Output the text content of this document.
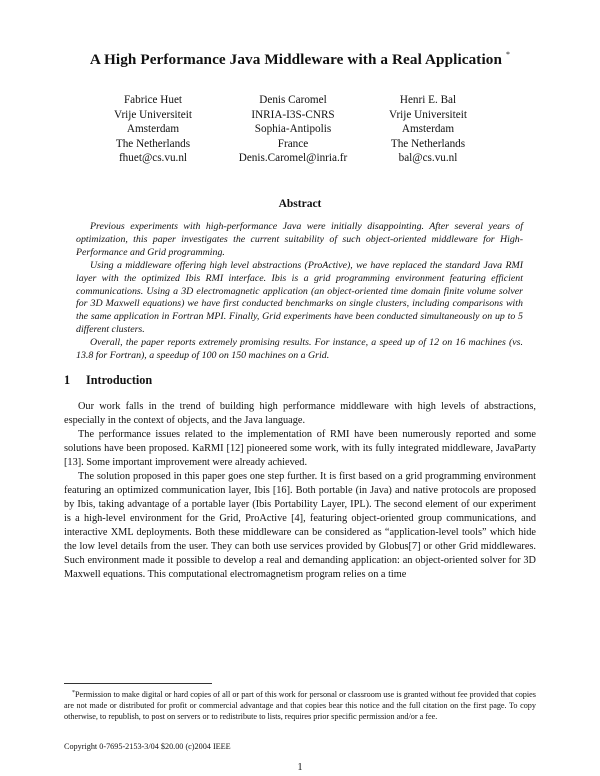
A High Performance Java Middleware with a Real Application *
Fabrice Huet
Vrije Universiteit
Amsterdam
The Netherlands
fhuet@cs.vu.nl
Denis Caromel
INRIA-I3S-CNRS
Sophia-Antipolis
France
Denis.Caromel@inria.fr
Henri E. Bal
Vrije Universiteit
Amsterdam
The Netherlands
bal@cs.vu.nl
Abstract

Previous experiments with high-performance Java were initially disappointing. After several years of optimization, this paper investigates the current suitability of such object-oriented middleware for High-Performance and Grid programming.

Using a middleware offering high level abstractions (ProActive), we have replaced the standard Java RMI layer with the optimized Ibis RMI interface. Ibis is a grid programming environment featuring efficient communications. Using a 3D electromagnetic application (an object-oriented time domain finite volume solver for 3D Maxwell equations) we have first conducted benchmarks on single clusters, including comparisons with the same application in Fortran MPI. Finally, Grid experiments have been conducted simultaneously on up to 5 different clusters.

Overall, the paper reports extremely promising results. For instance, a speed up of 12 on 16 machines (vs. 13.8 for Fortran), a speedup of 100 on 150 machines on a Grid.

1 Introduction

Our work falls in the trend of building high performance middleware with high levels of abstractions, especially in the context of objects, and the Java language.

The performance issues related to the implementation of RMI have been numerously reported and some solutions have been proposed. KaRMI [12] pioneered some work, with its fully integrated middleware, JavaParty [13]. Some important improvement were already achieved.

The solution proposed in this paper goes one step further. It is first based on a grid programming environment featuring an optimized communication layer, Ibis [16]. Both portable (in Java) and native protocols are proposed by Ibis, taking advantage of a portable layer (Ibis Portability Layer, IPL). The second element of our experiment is a high-level environment for the Grid, ProActive [4], featuring object-oriented group communications, and interactive XML deployments. Both these middleware can be considered as “application-level tools” which hide the low level details from the user. They can both use services provided by Globus[7] or other Grid middlewares. Such environment made it possible to develop a real and demanding application: an object-oriented solver for 3D Maxwell equations. This computational electromagnetism program relies on a time

*Permission to make digital or hard copies of all or part of this work for personal or classroom use is granted without fee provided that copies are not made or distributed for profit or commercial advantage and that copies bear this notice and the full citation on the first page. To copy otherwise, to republish, to post on servers or to redistribute to lists, requires prior specific permission and/or a fee.

Copyright 0-7695-2153-3/04 $20.00 (c)2004 IEEE
1
